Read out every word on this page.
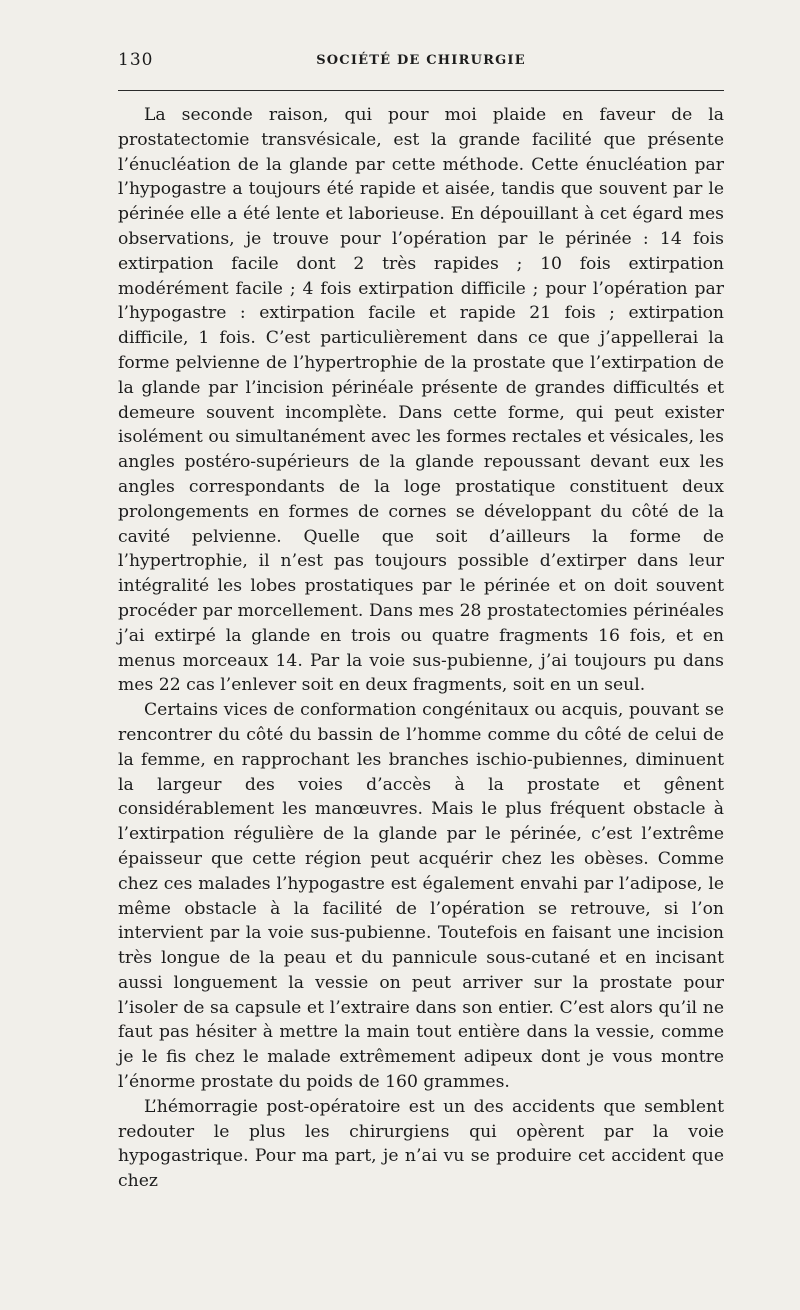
130	SOCIÉTÉ DE CHIRURGIE

La seconde raison, qui pour moi plaide en faveur de la prostatectomie transvésicale, est la grande facilité que présente l’énucléation de la glande par cette méthode. Cette énucléation par l’hypogastre a toujours été rapide et aisée, tandis que souvent par le périnée elle a été lente et laborieuse. En dépouillant à cet égard mes observations, je trouve pour l’opération par le périnée : 14 fois extirpation facile dont 2 très rapides ; 10 fois extirpation modérément facile ; 4 fois extirpation difficile ; pour l’opération par l’hypogastre : extirpation facile et rapide 21 fois ; extirpation difficile, 1 fois. C’est particulièrement dans ce que j’appellerai la forme pelvienne de l’hypertrophie de la prostate que l’extirpation de la glande par l’incision périnéale présente de grandes difficultés et demeure souvent incomplète. Dans cette forme, qui peut exister isolément ou simultanément avec les formes rectales et vésicales, les angles postéro-supérieurs de la glande repoussant devant eux les angles correspondants de la loge prostatique constituent deux prolongements en formes de cornes se développant du côté de la cavité pelvienne. Quelle que soit d’ailleurs la forme de l’hypertrophie, il n’est pas toujours possible d’extirper dans leur intégralité les lobes prostatiques par le périnée et on doit souvent procéder par morcellement. Dans mes 28 prostatectomies périnéales j’ai extirpé la glande en trois ou quatre fragments 16 fois, et en menus morceaux 14. Par la voie sus-pubienne, j’ai toujours pu dans mes 22 cas l’enlever soit en deux fragments, soit en un seul.

Certains vices de conformation congénitaux ou acquis, pouvant se rencontrer du côté du bassin de l’homme comme du côté de celui de la femme, en rapprochant les branches ischio-pubiennes, diminuent la largeur des voies d’accès à la prostate et gênent considérablement les manœuvres. Mais le plus fréquent obstacle à l’extirpation régulière de la glande par le périnée, c’est l’extrême épaisseur que cette région peut acquérir chez les obèses. Comme chez ces malades l’hypogastre est également envahi par l’adipose, le même obstacle à la facilité de l’opération se retrouve, si l’on intervient par la voie sus-pubienne. Toutefois en faisant une incision très longue de la peau et du pannicule sous-cutané et en incisant aussi longuement la vessie on peut arriver sur la prostate pour l’isoler de sa capsule et l’extraire dans son entier. C’est alors qu’il ne faut pas hésiter à mettre la main tout entière dans la vessie, comme je le fis chez le malade extrêmement adipeux dont je vous montre l’énorme prostate du poids de 160 grammes.

L’hémorragie post-opératoire est un des accidents que semblent redouter le plus les chirurgiens qui opèrent par la voie hypogastrique. Pour ma part, je n’ai vu se produire cet accident que chez
